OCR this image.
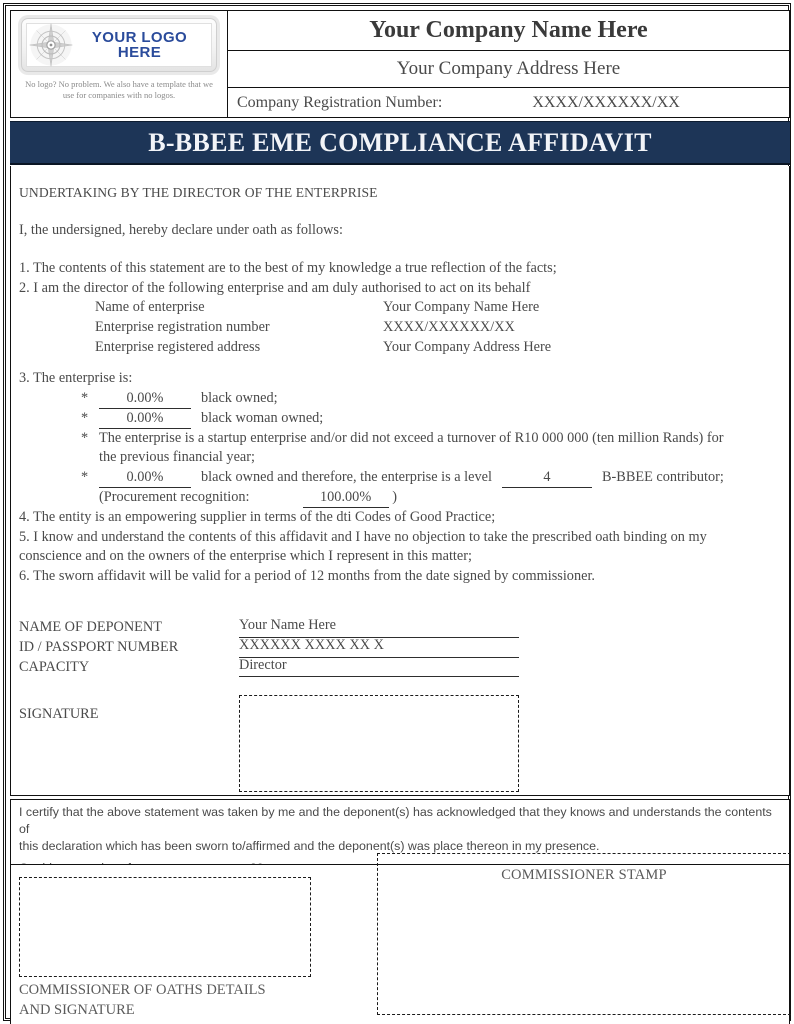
YOUR LOGO
HERE
No logo? No problem. We also have a template that we use for companies with no logos.
Your Company Name Here
Your Company Address Here
Company Registration Number:	XXXX/XXXXXX/XX
B-BBEE EME COMPLIANCE AFFIDAVIT
UNDERTAKING BY THE DIRECTOR OF THE ENTERPRISE
I, the undersigned, hereby declare under oath as follows:
1. The contents of this statement are to the best of my knowledge a true reflection of the facts;
2. I am the director of the following enterprise and am duly authorised to act on its behalf
Name of enterprise	Your Company Name Here
Enterprise registration number	XXXX/XXXXXX/XX
Enterprise registered address	Your Company Address Here
3. The enterprise is:
*	0.00%	black owned;
*	0.00%	black woman owned;
* The enterprise is a startup enterprise and/or did not exceed a turnover of R10 000 000 (ten million Rands) for
the previous financial year;
*	0.00%	black owned and therefore, the enterprise is a level	4	B-BBEE contributor;
(Procurement recognition:	100.00% )
4. The entity is an empowering supplier in terms of the dti Codes of Good Practice;
5. I know and understand the contents of this affidavit and I have no objection to take the prescribed oath binding on my
conscience and on the owners of the enterprise which I represent in this matter;
6. The sworn affidavit will be valid for a period of 12 months from the date signed by commissioner.
NAME OF DEPONENT	Your Name Here
ID / PASSPORT NUMBER	XXXXXX XXXX XX X
CAPACITY	Director
SIGNATURE
I certify that the above statement was taken by me and the deponent(s) has acknowledged that they knows and understands the contents of
this declaration which has been sworn to/affirmed and the deponent(s) was place thereon in my presence.

COMMISSIONER STAMP
COMMISSIONER OF OATHS DETAILS
AND SIGNATURE
